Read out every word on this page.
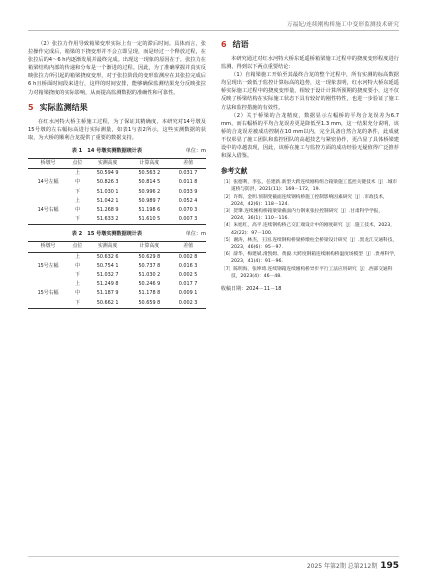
万福妃/连续刚构桥施工中变形监测技术研究

（2）张拉力作用导致箱梁变形实际上有一定的滞后时间。具体而言，张拉操作完成后，箱梁的下挠变形并不会立即呈现，而是经过一个释放过程，在张拉后的4～6 h内逐渐发展并最终完成。出现这一现象的原因在于，张拉力在箱梁结构内部的传递和分布是一个渐进的过程。因此，为了准确掌握并真实反映张拉力所引起的箱梁挠度变形，对于张拉阶段的变形监测应在其张拉完成后6 h且桥面时间段来进行，这样的时间安排，能够确保监测结果充分反映张拉力对箱梁挠度的实际影响，从而提高监测数据的准确性和可靠性。

5 实际监测结果

在红水河特大桥主桥施工过程，为了保证其精确度，本研究对14号墩及15号墩的左右幅标高进行实际测量，如表1与表2所示，这些实测数据的获取，为大桥的顺利合龙提供了重要的数据支持。

表 1　14 号墩实测数据统计表	单位：m
桥墩号	点位	实测高度	计算高度	差值
	上	50.594 9	50.563 2	0.031 7
14号左幅	中	50.826 3	50.814 5	0.011 8
	下	51.030 1	50.996 2	0.033 9
	上	51.042 1	50.989 7	0.052 4
14号右幅	中	51.268 9	51.198 6	0.070 3
	下	51.633 2	51.610 5	0.007 3
表 2　15 号墩实测数据统计表	单位：m
桥墩号	点位	实测高度	计算高度	差值
	上	50.632 6	50.629 8	0.002 8
15号左幅	中	50.754 1	50.737 8	0.016 3
	下	51.032 7	51.030 2	0.002 5
	上	51.249 8	50.246 9	0.017 7
15号右幅	中	51.187 9	51.178 8	0.009 1
	下	50.662 1	50.659 8	0.002 3
6 结语

本研究通过对红水河特大桥东延遥桥箱梁施工过程中的挠度变形程度进行监测，得到以下两点重要结论：

（1）自箱梁施工开始至其最终合龙的整个过程中，所有实测的标高数据均呈现出一致低于监控计算标高的趋势，这一现象表明，红水河特大桥东延遥桥实际施工过程中的挠度变形量，相较于设计计算所预期的挠度要小，这不仅反映了桥梁结构在实际施工状态下具有较好的刚性特性，也进一步验证了施工方法和监控措施的有效性。

（2）关于桥梁的合龙精度，数据显示左幅桥的平均合龙误差为6.7 mm，而右幅桥的平均合龙误差更是降低至1.3 mm，这一结果充分说明，该桥的合龙误差被成功控制在10 mm以内，完全具备自然合龙的条件，此成就不仅彰显了施工团队和监控团队的高超技艺与紧密协作，更凸显了具体桥梁建设中的卓越表现，因此，该桥在施工与监控方面的成功经验无疑值得广泛推荐和深入借鉴。

参考文献

［1］张德利，李弘，任建新.新型大跨连续刚构组合箱梁施工监控关键技术［J］.城市道桥与防洪，2021(11)：169－172，19.

［2］许辉，金明.预制变截面连续钢构桥施工控制影响因素研究［J］.市政技术，2024，42(6)：118－124.

［3］贺肇.连续刚构桥箱梁梁截面内力钢束张拉控制研究［J］.甘肃科学学报，2024，36(1)：110－116.

［4］朱旭红，高平.连续钢构桥己交汇端设计中的刚度研究［J］.施工技术，2023，42(22)：97－100.

［5］谢涛，林杰，王国.连续钢构桥梁桥墩柱全桥梁设计研究［J］.黑龙江交通科技，2023，46(6)：95－97.

［6］薛华，梅建斌.滑凯姆、黄毅.大跨度钢箱连续刚构桥温度场模型［J］.贵州科学，2023，41(4)：91－96.

［7］陈明海，张坤琦.连续钢箱连续刚构桥异步平行工法应用研究［J］.西部交通科技，2023(4)：46－48.

收稿日期：2024－11－18
2025 年第2期 总第212期 195
